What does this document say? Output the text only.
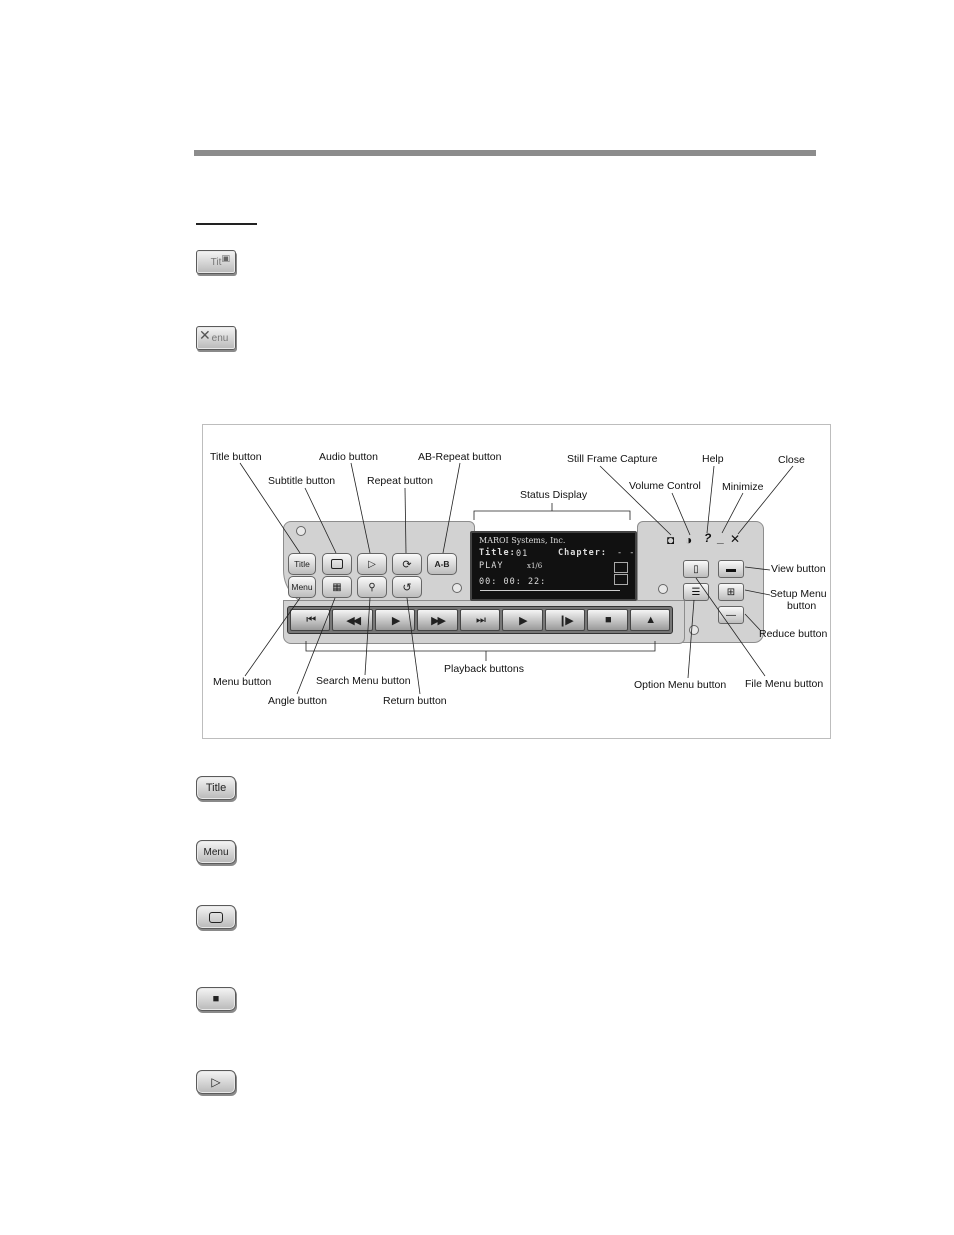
Tit ▣
✕ enu
Title	▷ ⟳	A-B
Menu	▦	⚲ ↺
MAROI Systems, Inc.
Title: 01	Chapter: - -
PLAY	x1/6
00: 00: 22:
⏮	◀◀	▶	▶▶	⏭	▶	❙▶	■	▲
◘ ◑ ? _ ✕
▯	▬
☰	⊞
—
Title button
Subtitle button
Audio button
Repeat button
AB-Repeat button
Status Display
Still Frame Capture
Volume Control
Help
Minimize
Close
View button
Setup Menu
button
Reduce button
File Menu button
Option Menu button
Playback buttons
Menu button	Search Menu button
Angle button	Return button
Title
Menu
■
▷
